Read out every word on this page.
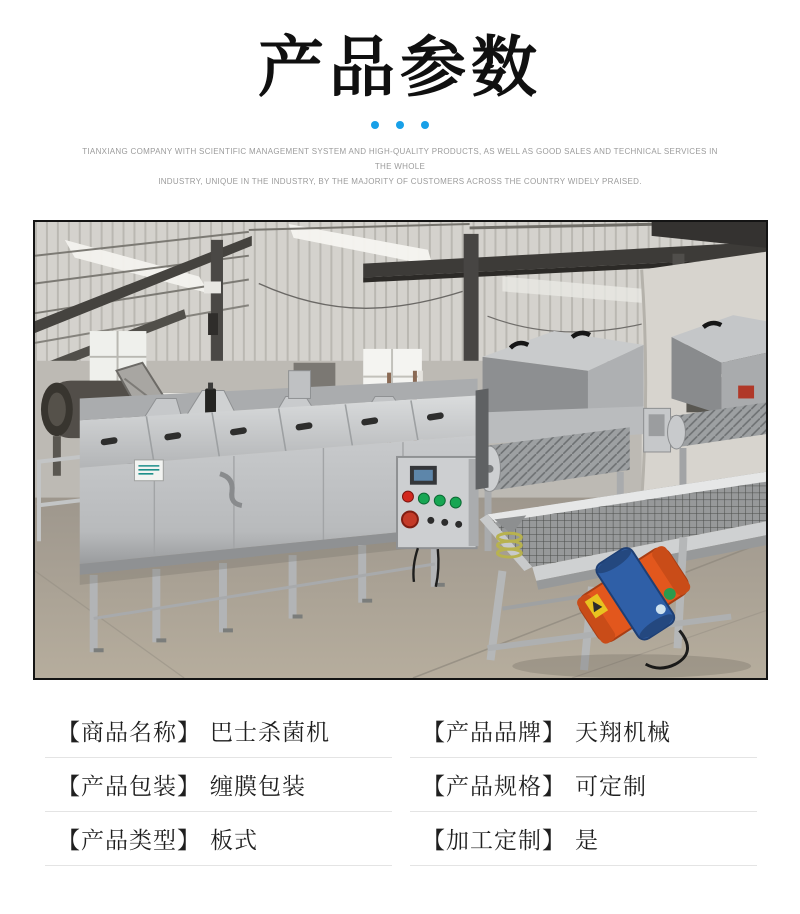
产品参数
TIANXIANG COMPANY WITH SCIENTIFIC MANAGEMENT SYSTEM AND HIGH-QUALITY PRODUCTS, AS WELL AS GOOD SALES AND TECHNICAL SERVICES IN THE WHOLE
INDUSTRY, UNIQUE IN THE INDUSTRY, BY THE MAJORITY OF CUSTOMERS ACROSS THE COUNTRY WIDELY PRAISED.
【商品名称】 巴士杀菌机
【产品包装】 缠膜包装
【产品类型】 板式
【产品品牌】 天翔机械
【产品规格】 可定制
【加工定制】 是
